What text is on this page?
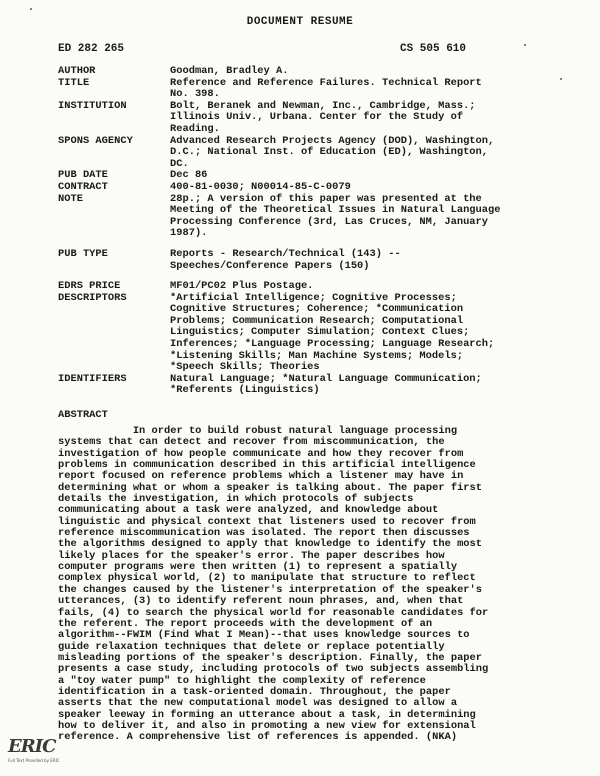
DOCUMENT RESUME
ED 282 265	CS 505 610
AUTHOR	Goodman, Bradley A.
TITLE	Reference and Reference Failures. Technical Report
No. 398.
INSTITUTION	Bolt, Beranek and Newman, Inc., Cambridge, Mass.;
Illinois Univ., Urbana. Center for the Study of
Reading.
SPONS AGENCY	Advanced Research Projects Agency (DOD), Washington,
D.C.; National Inst. of Education (ED), Washington,
DC.
PUB DATE	Dec 86
CONTRACT	400-81-0030; N00014-85-C-0079
NOTE	28p.; A version of this paper was presented at the
Meeting of the Theoretical Issues in Natural Language
Processing Conference (3rd, Las Cruces, NM, January
1987).
PUB TYPE	Reports - Research/Technical (143) --
Speeches/Conference Papers (150)
EDRS PRICE	MF01/PC02 Plus Postage.
DESCRIPTORS	*Artificial Intelligence; Cognitive Processes;
Cognitive Structures; Coherence; *Communication
Problems; Communication Research; Computational
Linguistics; Computer Simulation; Context Clues;
Inferences; *Language Processing; Language Research;
*Listening Skills; Man Machine Systems; Models;
*Speech Skills; Theories
IDENTIFIERS	Natural Language; *Natural Language Communication;
*Referents (Linguistics)
ABSTRACT
In order to build robust natural language processing
systems that can detect and recover from miscommunication, the
investigation of how people communicate and how they recover from
problems in communication described in this artificial intelligence
report focused on reference problems which a listener may have in
determining what or whom a speaker is talking about. The paper first
details the investigation, in which protocols of subjects
communicating about a task were analyzed, and knowledge about
linguistic and physical context that listeners used to recover from
reference miscommunication was isolated. The report then discusses
the algorithms designed to apply that knowledge to identify the most
likely places for the speaker's error. The paper describes how
computer programs were then written (1) to represent a spatially
complex physical world, (2) to manipulate that structure to reflect
the changes caused by the listener's interpretation of the speaker's
utterances, (3) to identify referent noun phrases, and, when that
fails, (4) to search the physical world for reasonable candidates for
the referent. The report proceeds with the development of an
algorithm--FWIM (Find What I Mean)--that uses knowledge sources to
guide relaxation techniques that delete or replace potentially
misleading portions of the speaker's description. Finally, the paper
presents a case study, including protocols of two subjects assembling
a "toy water pump" to highlight the complexity of reference
identification in a task-oriented domain. Throughout, the paper
asserts that the new computational model was designed to allow a
speaker leeway in forming an utterance about a task, in determining
how to deliver it, and also in promoting a new view for extensional
reference. A comprehensive list of references is appended. (NKA)
ERIC
Full Text Provided by ERIC
